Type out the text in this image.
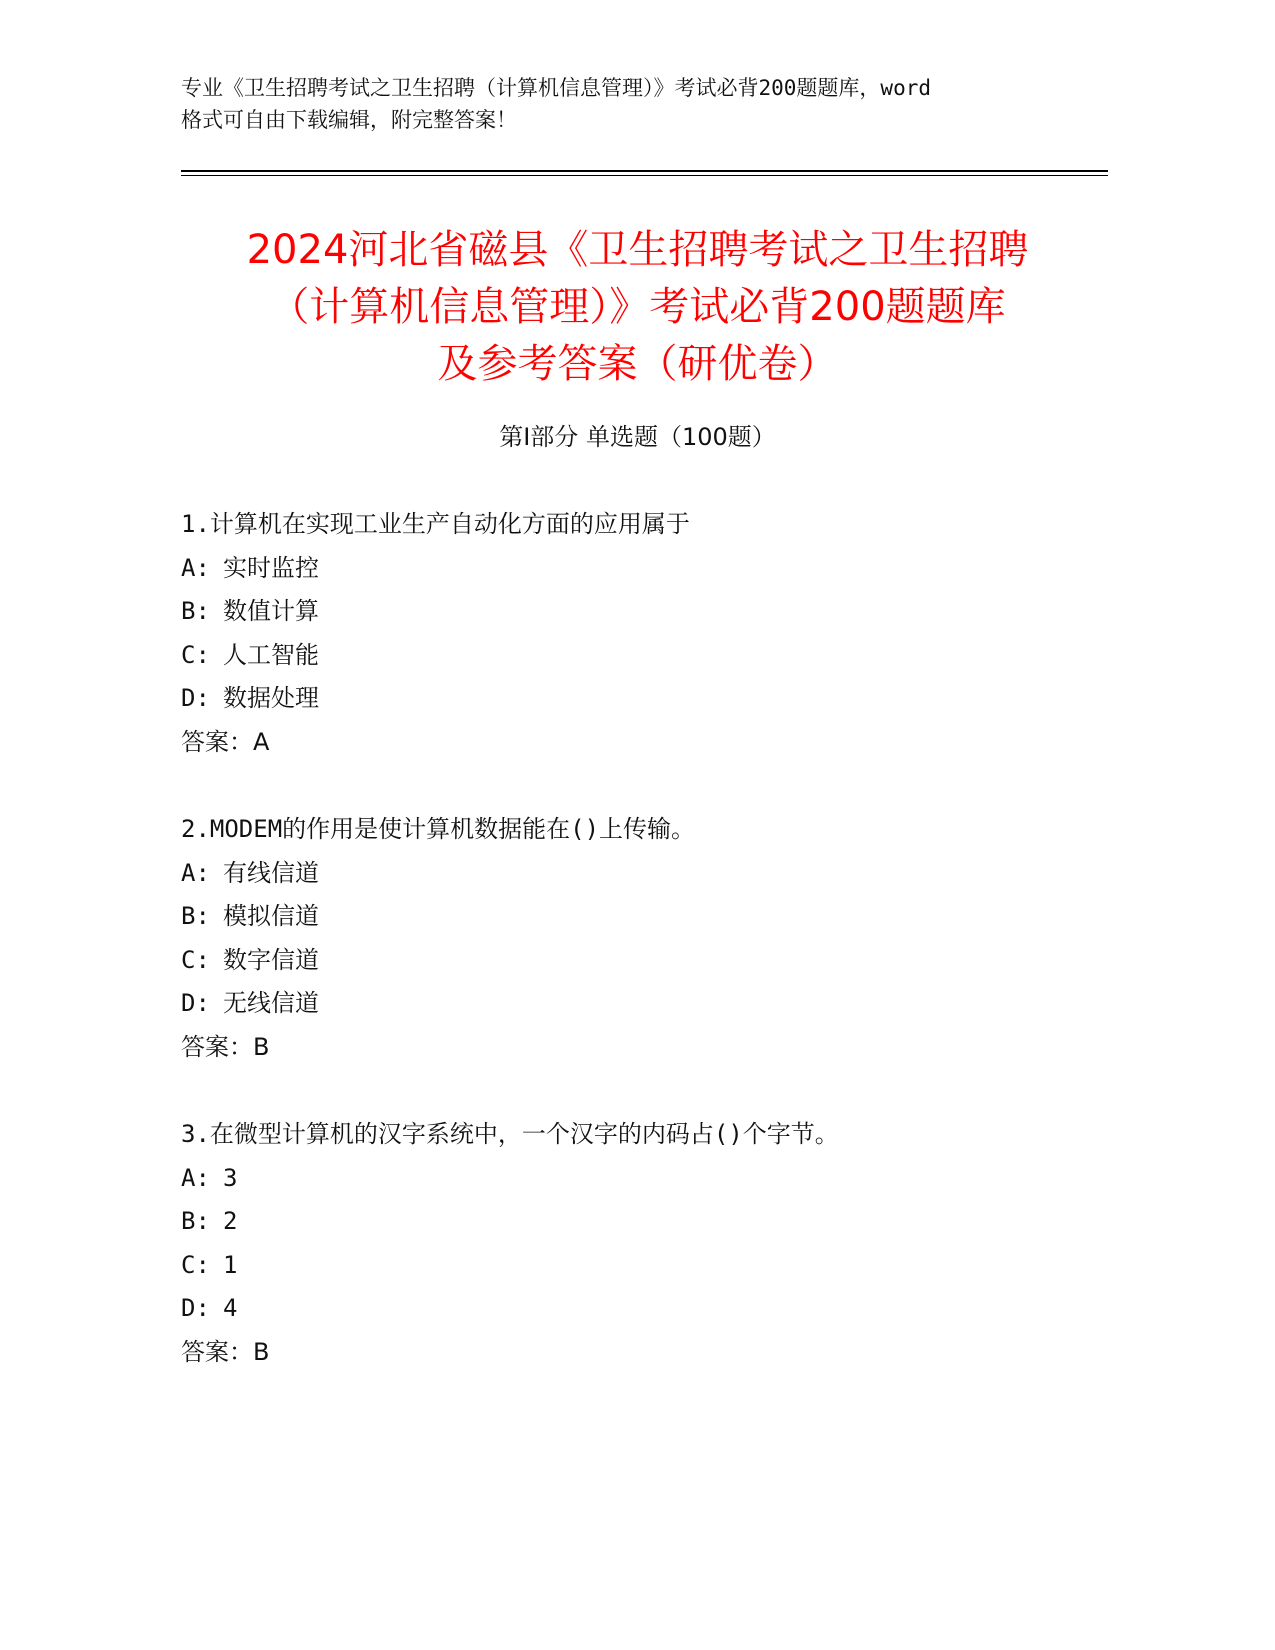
专业《卫生招聘考试之卫生招聘（计算机信息管理）》考试必背200题题库，word
格式可自由下载编辑，附完整答案！
2024河北省磁县《卫生招聘考试之卫生招聘
（计算机信息管理）》考试必背200题题库
及参考答案（研优卷）
第Ⅰ部分 单选题（100题）
1.计算机在实现工业生产自动化方面的应用属于
A: 实时监控
B: 数值计算
C: 人工智能
D: 数据处理
答案：A
2.MODEM的作用是使计算机数据能在()上传输。
A: 有线信道
B: 模拟信道
C: 数字信道
D: 无线信道
答案：B
3.在微型计算机的汉字系统中，一个汉字的内码占()个字节。
A: 3
B: 2
C: 1
D: 4
答案：B
